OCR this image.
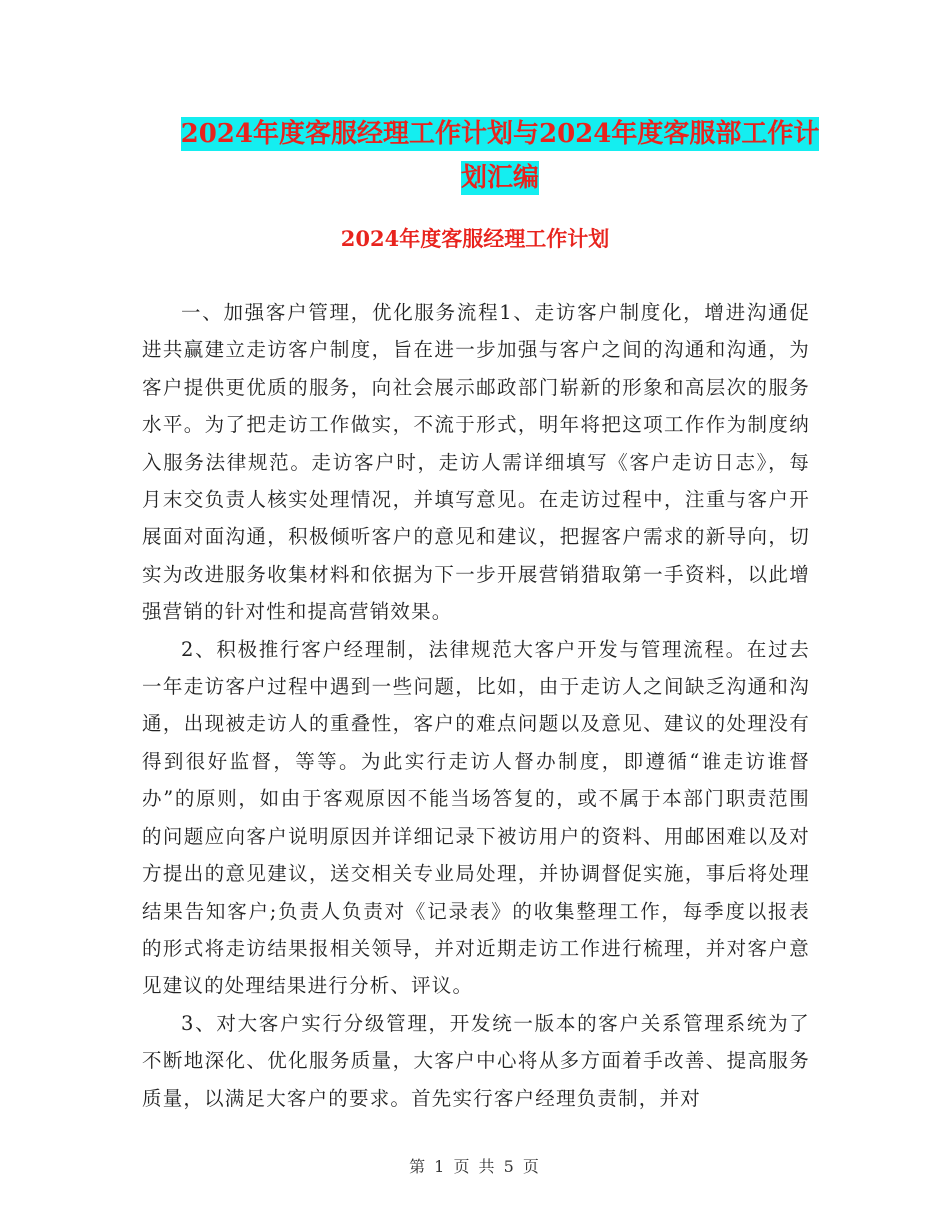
2024年度客服经理工作计划与2024年度客服部工作计
划汇编
2024年度客服经理工作计划

一、加强客户管理，优化服务流程1、走访客户制度化，增进沟通促进共赢建立走访客户制度，旨在进一步加强与客户之间的沟通和沟通，为客户提供更优质的服务，向社会展示邮政部门崭新的形象和高层次的服务水平。为了把走访工作做实，不流于形式，明年将把这项工作作为制度纳入服务法律规范。走访客户时，走访人需详细填写《客户走访日志》，每月末交负责人核实处理情况，并填写意见。在走访过程中，注重与客户开展面对面沟通，积极倾听客户的意见和建议，把握客户需求的新导向，切实为改进服务收集材料和依据为下一步开展营销猎取第一手资料，以此增强营销的针对性和提高营销效果。

2、积极推行客户经理制，法律规范大客户开发与管理流程。在过去一年走访客户过程中遇到一些问题，比如，由于走访人之间缺乏沟通和沟通，出现被走访人的重叠性，客户的难点问题以及意见、建议的处理没有得到很好监督，等等。为此实行走访人督办制度，即遵循“谁走访谁督办”的原则，如由于客观原因不能当场答复的，或不属于本部门职责范围的问题应向客户说明原因并详细记录下被访用户的资料、用邮困难以及对方提出的意见建议，送交相关专业局处理，并协调督促实施，事后将处理结果告知客户;负责人负责对《记录表》的收集整理工作，每季度以报表的形式将走访结果报相关领导，并对近期走访工作进行梳理，并对客户意见建议的处理结果进行分析、评议。

3、对大客户实行分级管理，开发统一版本的客户关系管理系统为了不断地深化、优化服务质量，大客户中心将从多方面着手改善、提高服务质量，以满足大客户的要求。首先实行客户经理负责制，并对

第 1 页 共 5 页
